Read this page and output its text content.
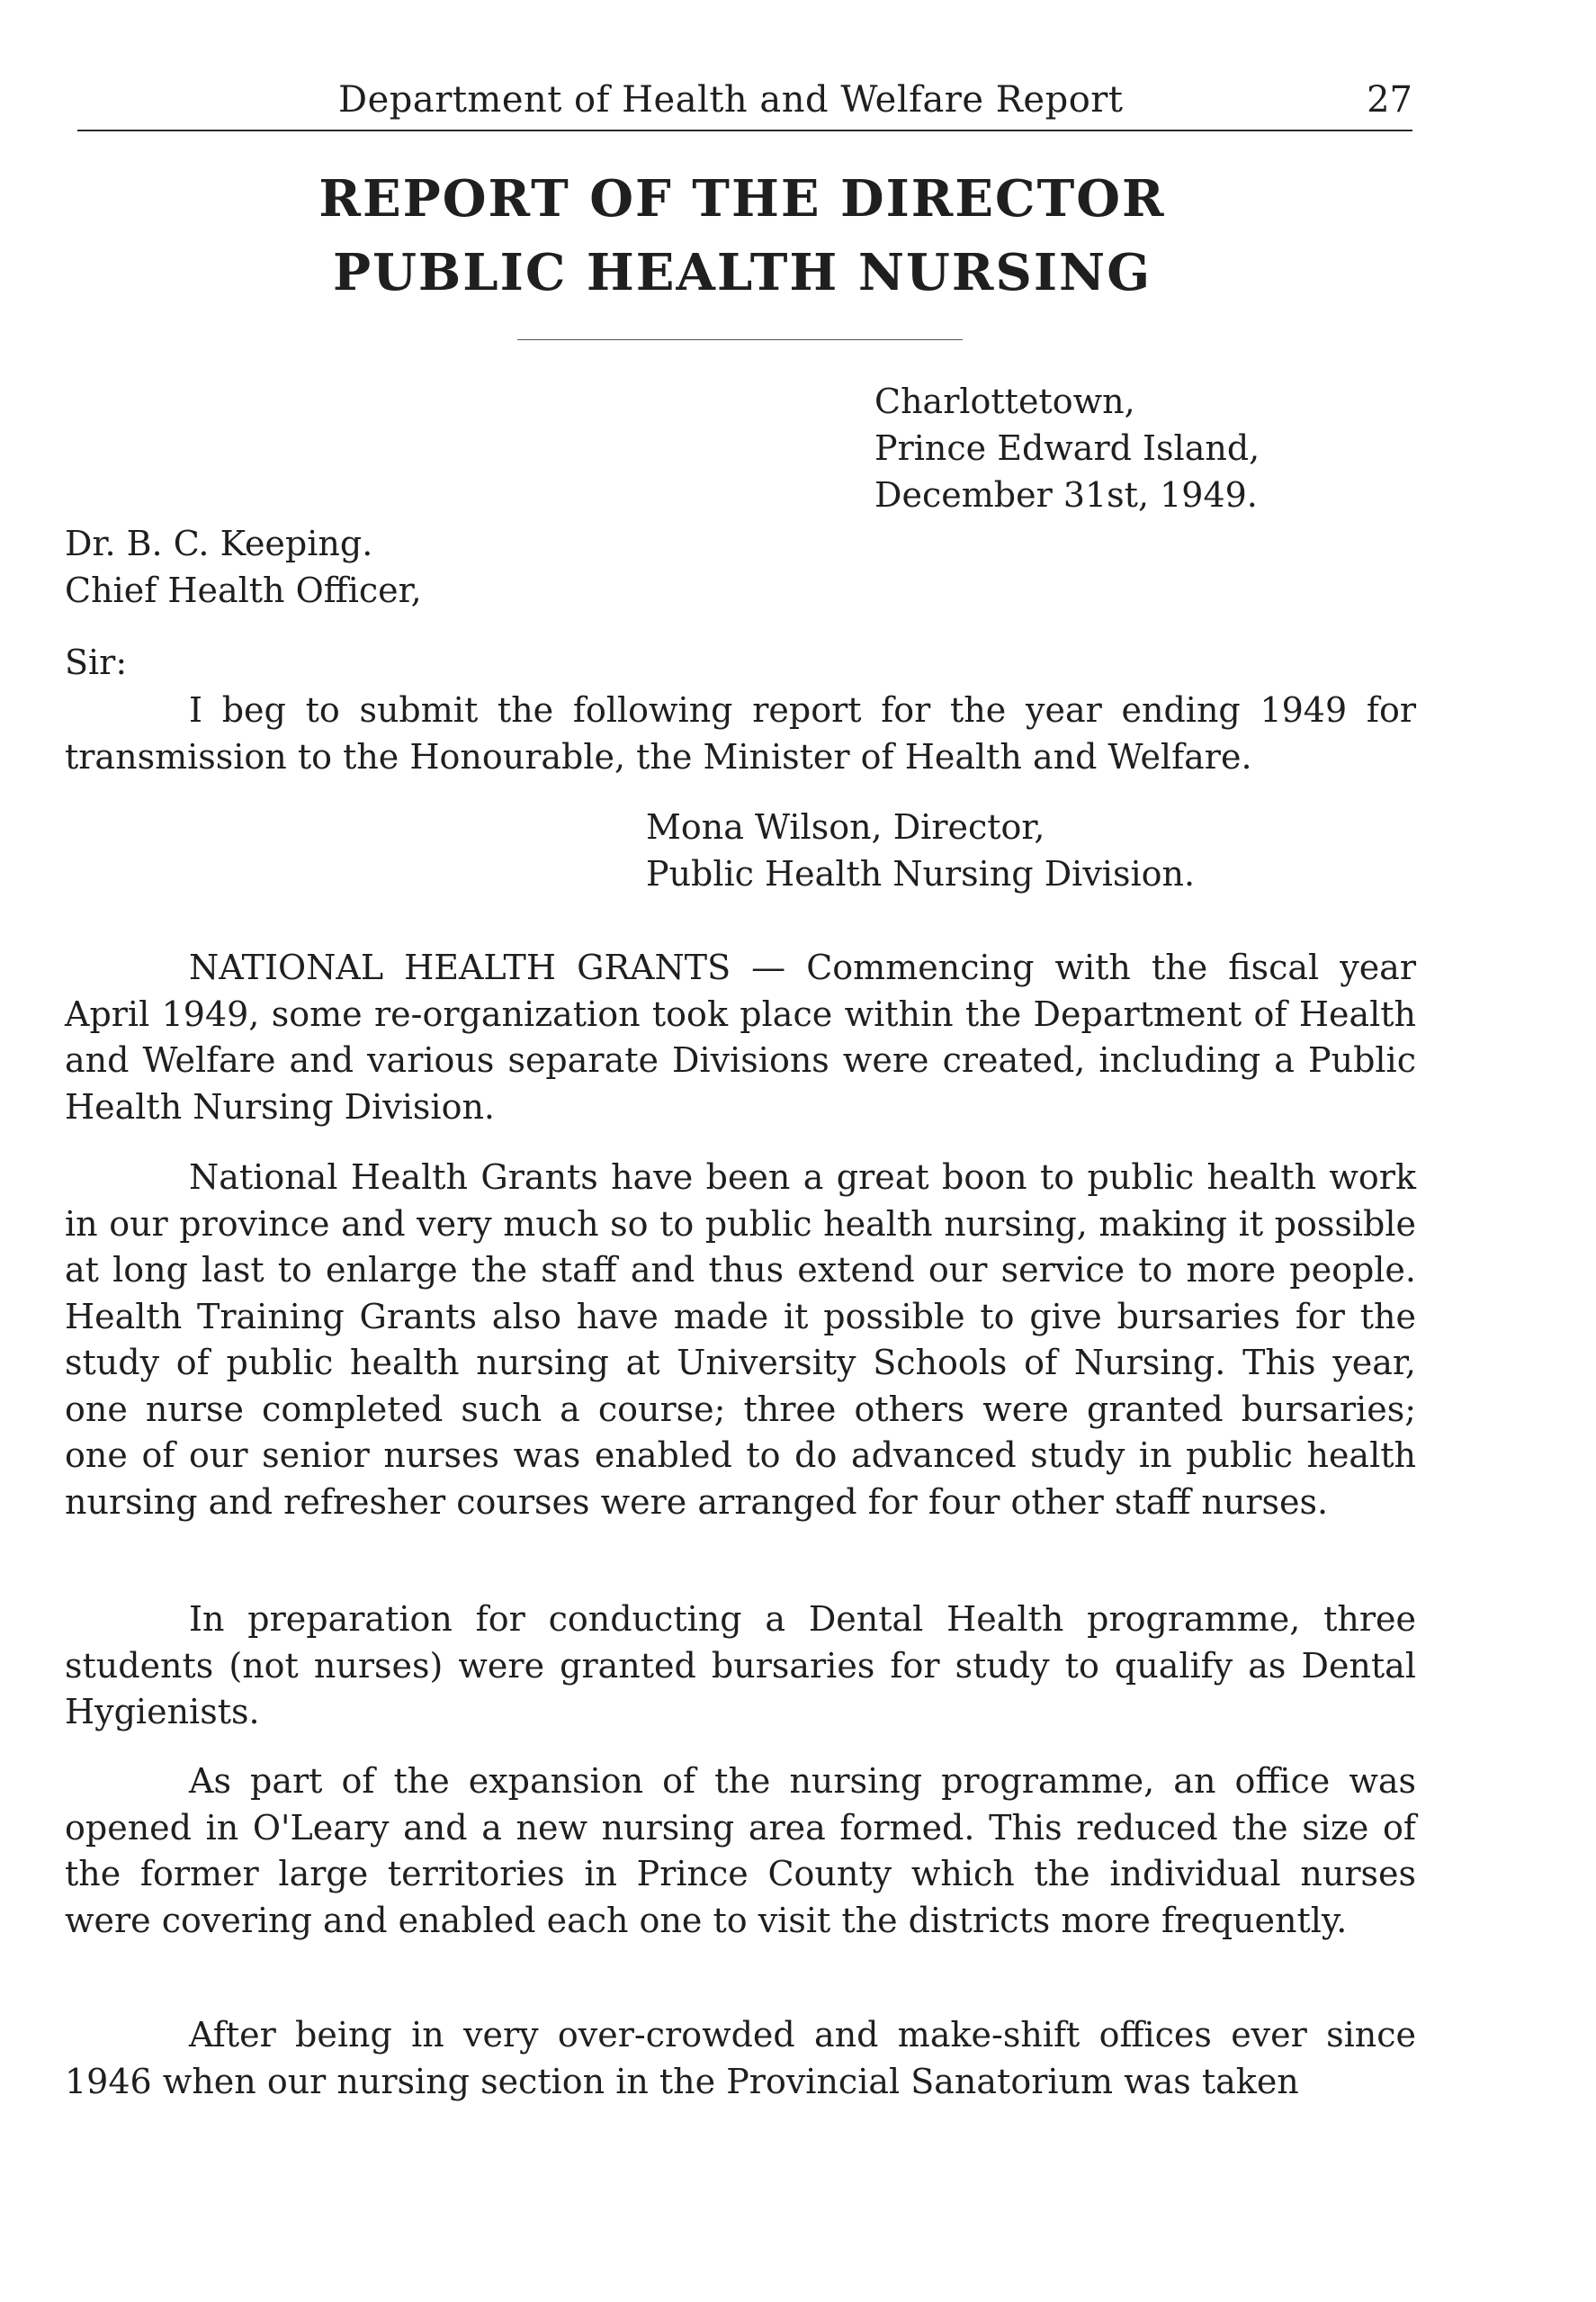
Department of Health and Welfare Report	27
REPORT OF THE DIRECTOR
PUBLIC HEALTH NURSING
Charlottetown,
Prince Edward Island,
December 31st, 1949.
Dr. B. C. Keeping.
Chief Health Officer,
Sir:

I beg to submit the following report for the year ending 1949 for transmission to the Honourable, the Minister of Health and Welfare.

Mona Wilson, Director,
Public Health Nursing Division.

NATIONAL HEALTH GRANTS — Commencing with the fiscal year April 1949, some re-organization took place within the Department of Health and Welfare and various separate Divisions were created, including a Public Health Nursing Division.

National Health Grants have been a great boon to public health work in our province and very much so to public health nursing, making it possible at long last to enlarge the staff and thus extend our service to more people. Health Training Grants also have made it possible to give bursaries for the study of public health nursing at University Schools of Nursing. This year, one nurse completed such a course; three others were granted bursaries; one of our senior nurses was enabled to do advanced study in public health nursing and refresher courses were arranged for four other staff nurses.

In preparation for conducting a Dental Health programme, three students (not nurses) were granted bursaries for study to qualify as Dental Hygienists.

As part of the expansion of the nursing programme, an office was opened in O'Leary and a new nursing area formed. This reduced the size of the former large territories in Prince County which the individual nurses were covering and enabled each one to visit the districts more frequently.

After being in very over-crowded and make-shift offices ever since 1946 when our nursing section in the Provincial Sanatorium was taken
